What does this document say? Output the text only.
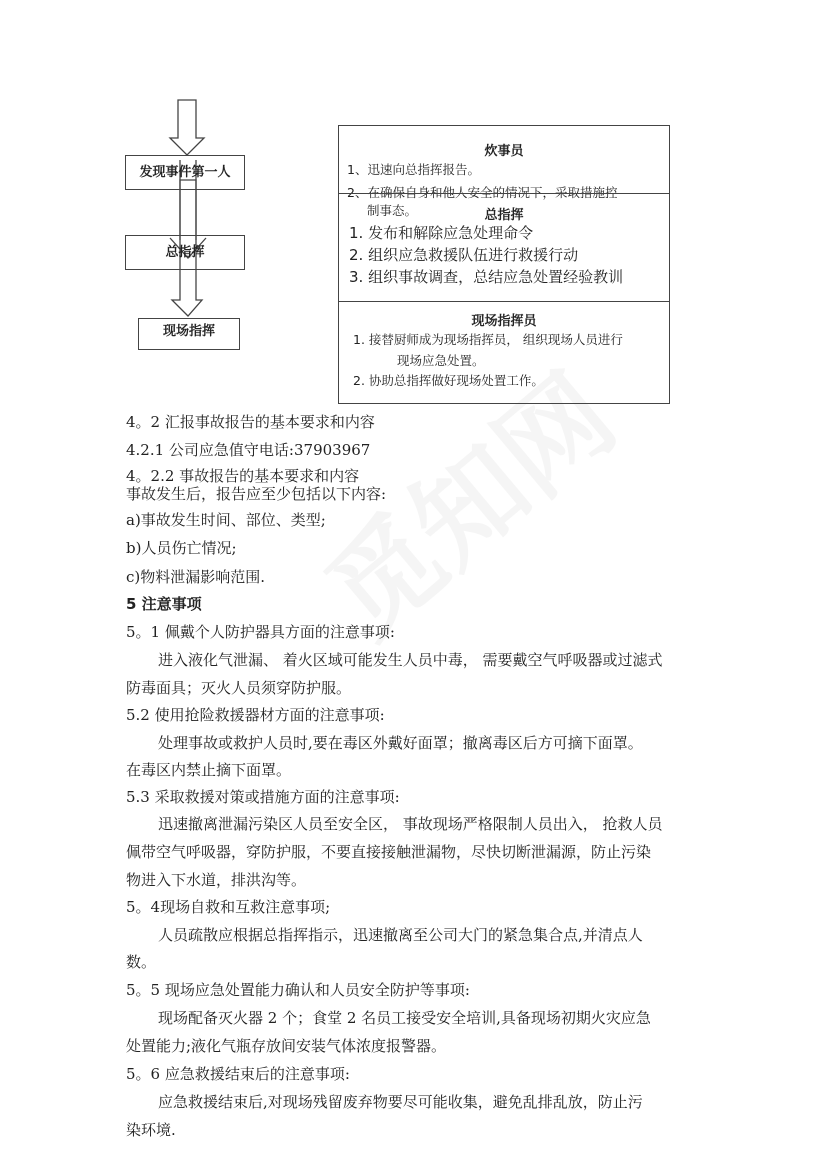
发现事件第一人
总指挥
现场指挥
炊事员
1、迅速向总指挥报告。
2、在确保自身和他人安全的情况下，采取措施控
制事态。	总指挥
1. 发布和解除应急处理命令
2. 组织应急救援队伍进行救援行动
3. 组织事故调查，总结应急处置经验教训
现场指挥员
1. 接替厨师成为现场指挥员， 组织现场人员进行
现场应急处置。
2. 协助总指挥做好现场处置工作。
4。2 汇报事故报告的基本要求和内容
4.2.1 公司应急值守电话:37903967
4。2.2 事故报告的基本要求和内容
事故发生后，报告应至少包括以下内容:
a)事故发生时间、部位、类型;
b)人员伤亡情况;
c)物料泄漏影响范围.
5 注意事项
5。1 佩戴个人防护器具方面的注意事项:
进入液化气泄漏、 着火区域可能发生人员中毒， 需要戴空气呼吸器或过滤式
防毒面具；灭火人员须穿防护服。
5.2 使用抢险救援器材方面的注意事项:
处理事故或救护人员时,要在毒区外戴好面罩；撤离毒区后方可摘下面罩。
在毒区内禁止摘下面罩。
5.3 采取救援对策或措施方面的注意事项:
迅速撤离泄漏污染区人员至安全区， 事故现场严格限制人员出入， 抢救人员
佩带空气呼吸器，穿防护服，不要直接接触泄漏物，尽快切断泄漏源，防止污染
物进入下水道，排洪沟等。
5。4现场自救和互救注意事项;
人员疏散应根据总指挥指示，迅速撤离至公司大门的紧急集合点,并清点人
数。
5。5 现场应急处置能力确认和人员安全防护等事项:
现场配备灭火器 2 个；食堂 2 名员工接受安全培训,具备现场初期火灾应急
处置能力;液化气瓶存放间安装气体浓度报警器。
5。6 应急救援结束后的注意事项:
应急救援结束后,对现场残留废弃物要尽可能收集，避免乱排乱放，防止污
染环境.
